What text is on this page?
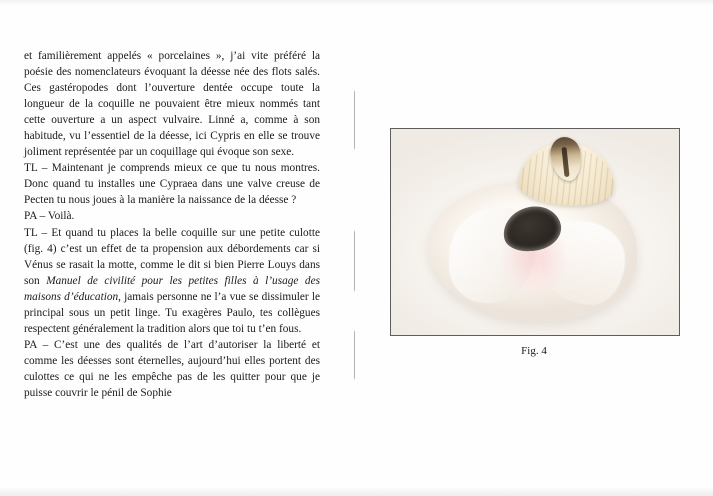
et familièrement appelés « porcelaines », j’ai vite préféré la poésie des nomenclateurs évoquant la déesse née des flots salés. Ces gastéropodes dont l’ouverture dentée occupe toute la longueur de la coquille ne pouvaient être mieux nommés tant cette ouverture a un aspect vulvaire. Linné a, comme à son habitude, vu l’essentiel de la déesse, ici Cypris en elle se trouve joliment représentée par un coquillage qui évoque son sexe.

TL – Maintenant je comprends mieux ce que tu nous montres. Donc quand tu installes une Cypraea dans une valve creuse de Pecten tu nous joues à la manière la naissance de la déesse ?

PA – Voilà.

TL – Et quand tu places la belle coquille sur une petite culotte (fig. 4) c’est un effet de ta propension aux débordements car si Vénus se rasait la motte, comme le dit si bien Pierre Louys dans son Manuel de civilité pour les petites filles à l’usage des maisons d’éducation, jamais personne ne l’a vue se dissimuler le principal sous un petit linge. Tu exagères Paulo, tes collègues respectent généralement la tradition alors que toi tu t’en fous.

PA – C’est une des qualités de l’art d’autoriser la liberté et comme les déesses sont éternelles, aujourd’hui elles portent des culottes ce qui ne les empêche pas de les quitter pour que je puisse couvrir le pénil de Sophie

Fig. 4
